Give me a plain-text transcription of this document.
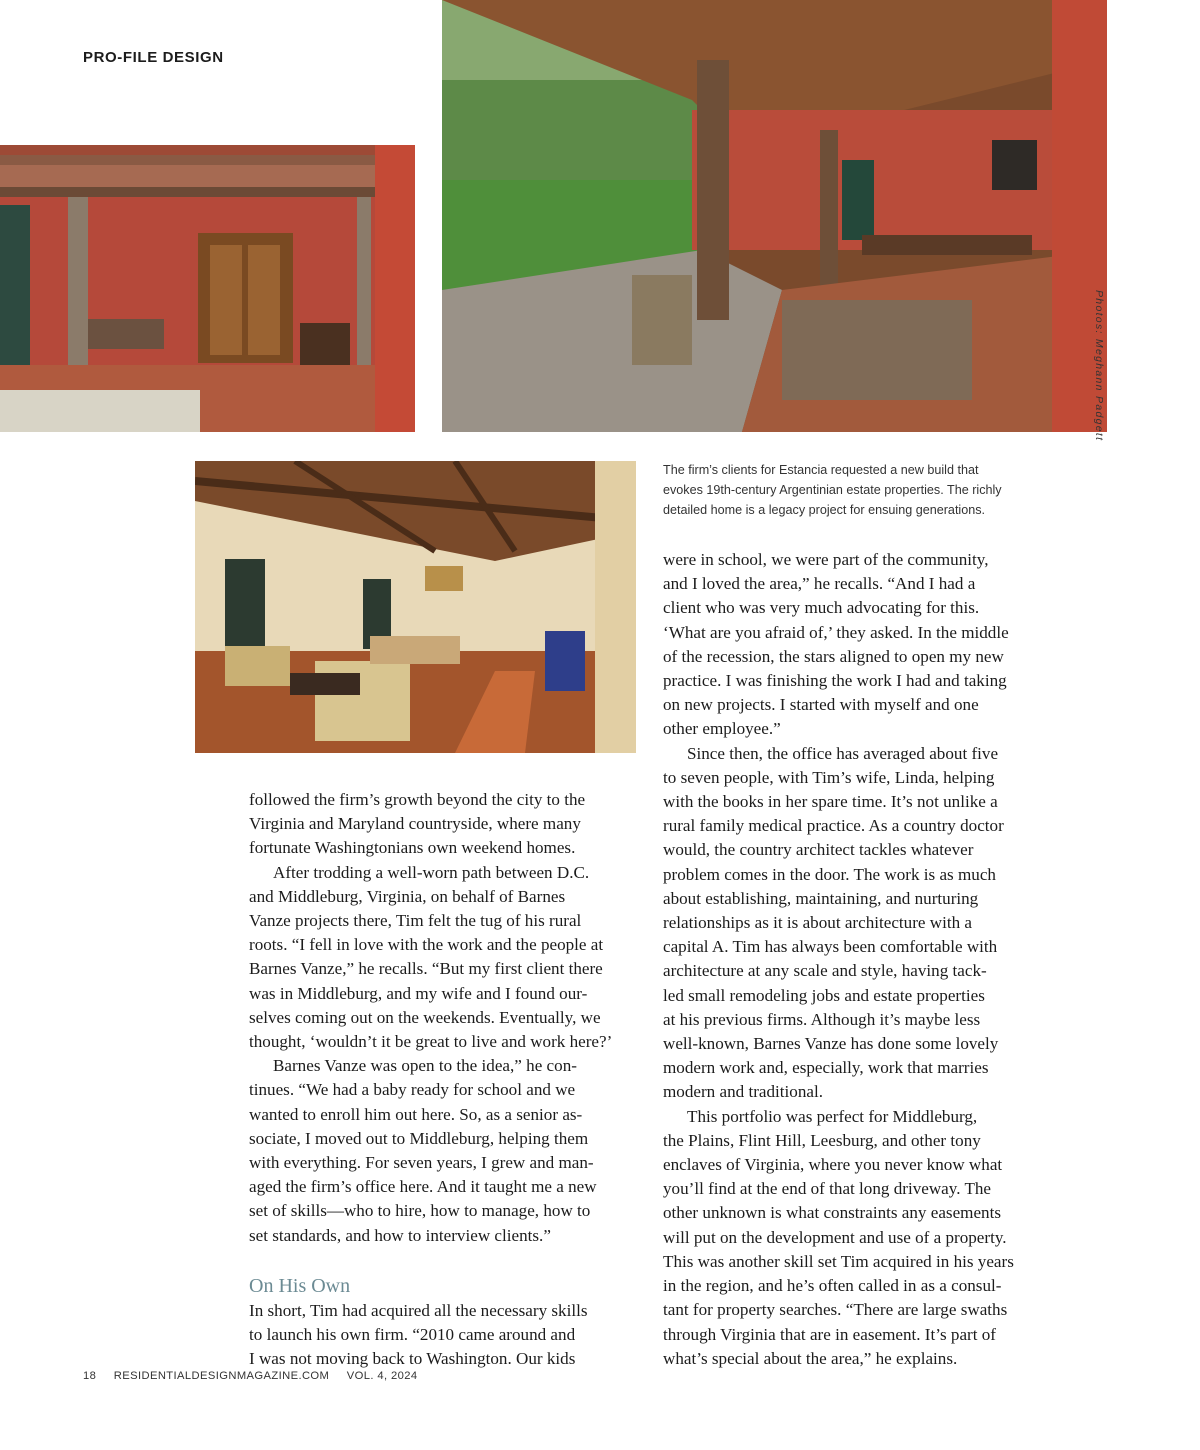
PRO-FILE DESIGN
Photos: Meghann Padgett

The firm’s clients for Estancia requested a new build that

evokes 19th-century Argentinian estate properties. The richly

detailed home is a legacy project for ensuing generations.

followed the firm’s growth beyond the city to the

Virginia and Maryland countryside, where many

fortunate Washingtonians own weekend homes.

After trodding a well-worn path between D.C.

and Middleburg, Virginia, on behalf of Barnes

Vanze projects there, Tim felt the tug of his rural

roots. “I fell in love with the work and the people at

Barnes Vanze,” he recalls. “But my first client there

was in Middleburg, and my wife and I found our-

selves coming out on the weekends. Eventually, we

thought, ‘wouldn’t it be great to live and work here?’

Barnes Vanze was open to the idea,” he con-

tinues. “We had a baby ready for school and we

wanted to enroll him out here. So, as a senior as-

sociate, I moved out to Middleburg, helping them

with everything. For seven years, I grew and man-

aged the firm’s office here. And it taught me a new

set of skills—who to hire, how to manage, how to

set standards, and how to interview clients.”

On His Own

In short, Tim had acquired all the necessary skills

to launch his own firm. “2010 came around and

I was not moving back to Washington. Our kids

were in school, we were part of the community,

and I loved the area,” he recalls. “And I had a

client who was very much advocating for this.

‘What are you afraid of,’ they asked. In the middle

of the recession, the stars aligned to open my new

practice. I was finishing the work I had and taking

on new projects. I started with myself and one

other employee.”

Since then, the office has averaged about five

to seven people, with Tim’s wife, Linda, helping

with the books in her spare time. It’s not unlike a

rural family medical practice. As a country doctor

would, the country architect tackles whatever

problem comes in the door. The work is as much

about establishing, maintaining, and nurturing

relationships as it is about architecture with a

capital A. Tim has always been comfortable with

architecture at any scale and style, having tack-

led small remodeling jobs and estate properties

at his previous firms. Although it’s maybe less

well-known, Barnes Vanze has done some lovely

modern work and, especially, work that marries

modern and traditional.

This portfolio was perfect for Middleburg,

the Plains, Flint Hill, Leesburg, and other tony

enclaves of Virginia, where you never know what

you’ll find at the end of that long driveway. The

other unknown is what constraints any easements

will put on the development and use of a property.

This was another skill set Tim acquired in his years

in the region, and he’s often called in as a consul-

tant for property searches. “There are large swaths

through Virginia that are in easement. It’s part of

what’s special about the area,” he explains.

18 RESIDENTIALDESIGNMAGAZINE.COM VOL. 4, 2024
